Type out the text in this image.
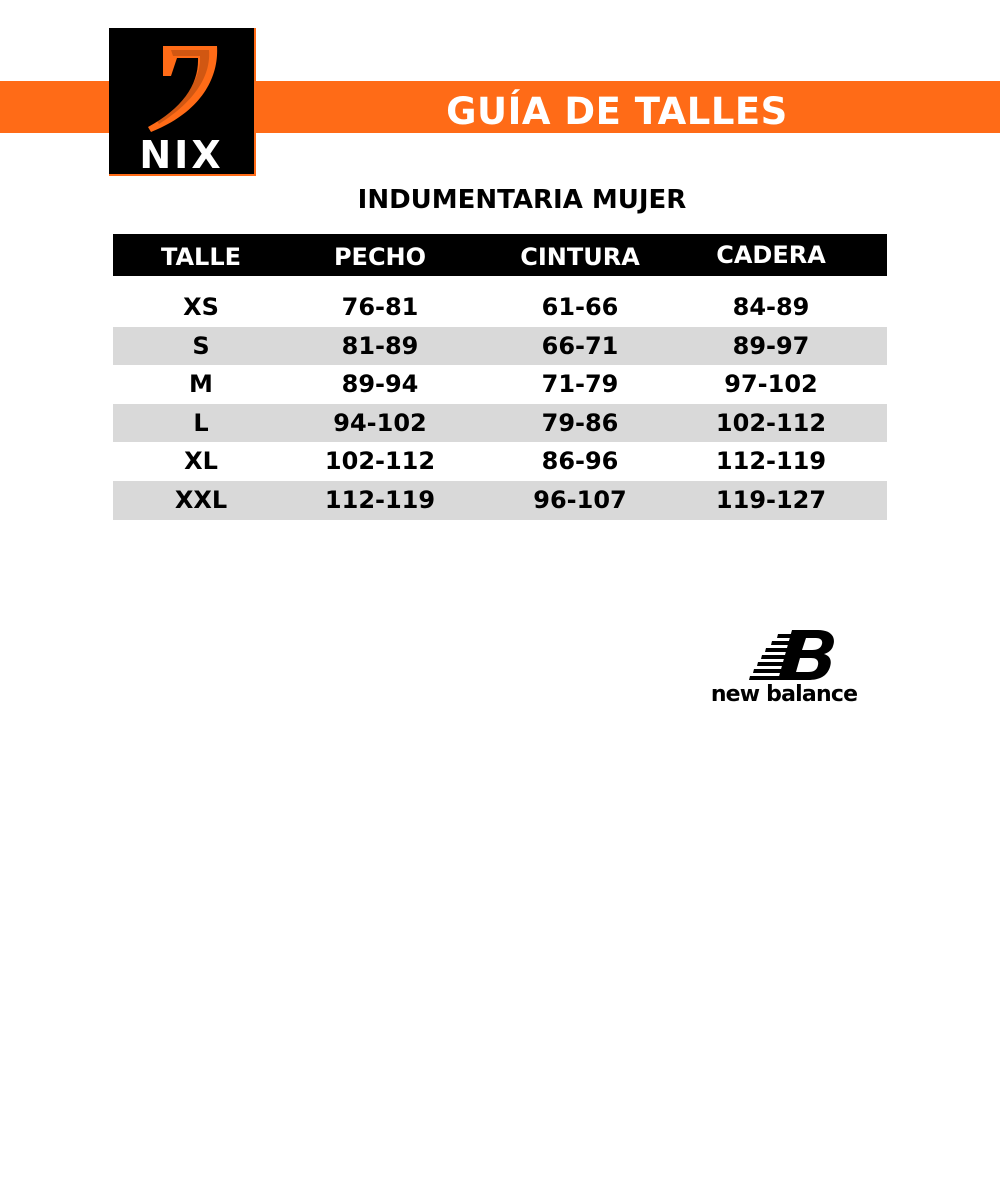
GUÍA DE TALLES
NIX
INDUMENTARIA MUJER
TALLE	PECHO	CINTURA	CADERA
XS	76-81	61-66	84-89
S	81-89	66-71	89-97
M	89-94	71-79	97-102
L	94-102	79-86	102-112
XL	102-112	86-96	112-119
XXL	112-119	96-107	119-127
new balance
